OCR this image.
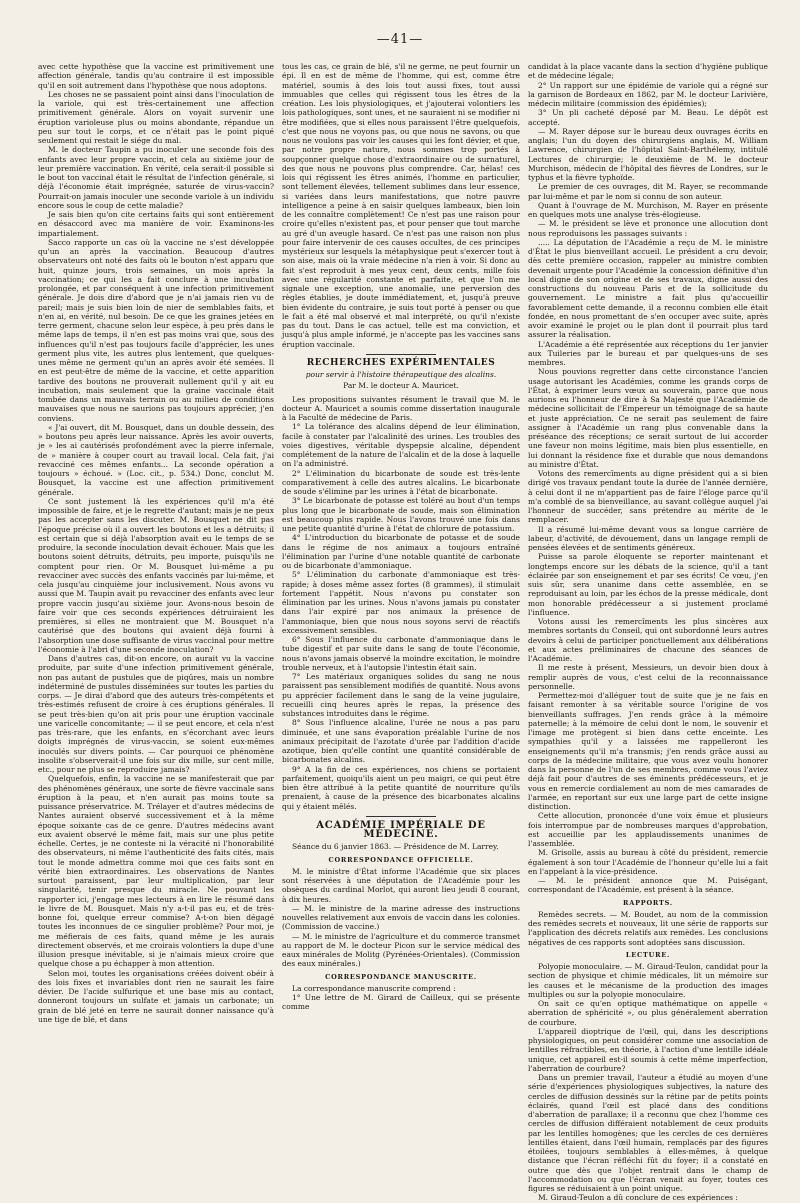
—41—

avec cette hypothèse que la vaccine est primitivement une affection générale, tandis qu'au contraire il est impossible qu'il en soit autrement dans l'hypothèse que nous adoptons.

Les choses ne se passaient point ainsi dans l'inoculation de la variole, qui est très-certainement une affection primitivement générale. Alors on voyait survenir une éruption varioleuse plus ou moins abondante, répandue un peu sur tout le corps, et ce n'était pas le point piqué seulement qui restait le siége du mal.

M. le docteur Taupin a pu inoculer une seconde fois des enfants avec leur propre vaccin, et cela au sixième jour de leur première vaccination. En vérité, cela serait-il possible si le bout ton vaccinal était le résultat de l'infection générale, si déjà l'économie était imprégnée, saturée de virus-vaccin? Pourrait-on jamais inoculer une seconde variole à un individu encore sous le coup de cette maladie?

Je sais bien qu'on cite certains faits qui sont entièrement en désaccord avec ma manière de voir. Examinons-les impartialement.

Sacco rapporte un cas où la vaccine ne s'est développée qu'un an après la vaccination. Beaucoup d'autres observateurs ont noté des faits où le bouton n'est apparu que huit, quinze jours, trois semaines, un mois après la vaccination; ce qui les a fait conclure à une incubation prolongée, et par conséquent à une infection primitivement générale. Je dois dire d'abord que je n'ai jamais rien vu de pareil; mais je suis bien loin de nier de semblables faits, et n'en ai, en vérité, nul besoin. De ce que les graines jetées en terre germent, chacune selon leur espèce, à peu près dans le même laps de temps, il n'en est pas moins vrai que, sous des influences qu'il n'est pas toujours facile d'apprécier, les unes germent plus vite, les autres plus lentement, que quelques-unes même ne germent qu'un an après avoir été semées. Il en est peut-être de même de la vaccine, et cette apparition tardive des boutons ne prouverait nullement qu'il y ait eu incubation, mais seulement que la graine vaccinale était tombée dans un mauvais terrain ou au milieu de conditions mauvaises que nous ne saurions pas toujours apprécier, j'en conviens.

« J'ai ouvert, dit M. Bousquet, dans un double dessein, des » boutons peu après leur naissance. Après les avoir ouverts, je » les ai cautérisés profondément avec la pierre infernale, de » manière à couper court au travail local. Cela fait, j'ai revacciné ces mêmes enfants... La seconde opération a toujours » échoué. » (Loc. cit., p. 534.) Donc, conclut M. Bousquet, la vaccine est une affection primitivement générale.

Ce sont justement là les expériences qu'il m'a été impossible de faire, et je le regrette d'autant; mais je ne peux pas les accepter sans les discuter. M. Bousquet ne dit pas l'époque précise où il a ouvert les boutons et les a détruits; il est certain que si déjà l'absorption avait eu le temps de se produire, la seconde inoculation devait échouer. Mais que les boutons soient détruits, détruits, peu importe, puisqu'ils ne comptent pour rien. Or M. Bousquet lui-même a pu revacciner avec succès des enfants vaccinés par lui-même, et cela jusqu'au cinquième jour inclusivement. Nous avons vu aussi que M. Taupin avait pu revacciner des enfants avec leur propre vaccin jusqu'au sixième jour. Avons-nous besoin de faire voir que ces seconds expériences détruiraient les premières, si elles ne montraient que M. Bousquet n'a cautérisé que des boutons qui avaient déjà fourni à l'absorption une dose suffisante de virus vaccinal pour mettre l'économie à l'abri d'une seconde inoculation?

Dans d'autres cas, dit-on encore, on aurait vu la vaccine produite, par suite d'une infection primitivement générale, non pas autant de pustules que de piqûres, mais un nombre indéterminé de pustules disséminées sur toutes les parties du corps. — Je dirai d'abord que des auteurs très-compétents et très-estimés refusent de croire à ces éruptions générales. Il se peut très-bien qu'on ait pris pour une éruption vaccinale une varicelle concomitante; — il se peut encore, et cela n'est pas très-rare, que les enfants, en s'écorchant avec leurs doigts imprégnés de virus-vaccin, se soient eux-mêmes inoculés sur divers points. — Car pourquoi ce phénomène insolite s'observerait-il une fois sur dix mille, sur cent mille, etc., pour ne plus se reproduire jamais?

Quelquefois, enfin, la vaccine ne se manifesterait que par des phénomènes généraux, une sorte de fièvre vaccinale sans éruption à la peau, et n'en aurait pas moins toute sa puissance préservatrice. M. Trélayer et d'autres médecins de Nantes auraient observé successivement et à la même époque soixante cas de ce genre. D'autres médecins avant eux avaient observé le même fait, mais sur une plus petite échelle. Certes, je ne conteste ni la véracité ni l'honorabilité des observateurs, ni même l'authenticité des faits cités, mais tout le monde admettra comme moi que ces faits sont en vérité bien extraordinaires. Les observations de Nantes surtout paraissent, par leur multiplication, par leur singularité, tenir presque du miracle. Ne pouvant les rapporter ici, j'engage mes lecteurs à en lire le résumé dans le livre de M. Bousquet. Mais n'y a-t-il pas eu, et de très-bonne foi, quelque erreur commise? A-t-on bien dégagé toutes les inconnues de ce singulier problème? Pour moi, je me méfierais de ces faits, quand même je les aurais directement observés, et me croirais volontiers la dupe d'une illusion presque inévitable, si je n'aimais mieux croire que quelque chose a pu échapper à mon attention.

Selon moi, toutes les organisations créées doivent obéir à des lois fixes et invariables dont rien ne saurait les faire dévier. De l'acide sulfurique et une base mis au contact, donneront toujours un sulfate et jamais un carbonate; un grain de blé jeté en terre ne saurait donner naissance qu'à une tige de blé, et dans

tous les cas, ce grain de blé, s'il ne germe, ne peut fournir un épi. Il en est de même de l'homme, qui est, comme être matériel, soumis à des lois tout aussi fixes, tout aussi immuables que celles qui régissent tous les êtres de la création. Les lois physiologiques, et j'ajouterai volontiers les lois pathologiques, sont unes, et ne sauraient ni se modifier ni être modifiées, que si elles nous paraissent l'être quelquefois, c'est que nous ne voyons pas, ou que nous ne savons, ou que nous ne voulons pas voir les causes qui les font dévier, et que, par notre propre nature, nous sommes trop portés à soupçonner quelque chose d'extraordinaire ou de surnaturel, des que nous ne pouvons plus comprendre. Car, hélas! ces lois qui régissent les êtres animés, l'homme en particulier, sont tellement élevées, tellement sublimes dans leur essence, si variées dans leurs manifestations, que notre pauvre intelligence a peine à en saisir quelques lambeaux, bien loin de les connaître complètement! Ce n'est pas une raison pour croire qu'elles n'existent pas, et pour penser que tout marche au gré d'un aveugle hasard. Ce n'est pas une raison non plus pour faire intervenir de ces causes occultes, de ces principes mystérieux sur lesquels la métaphysique peut s'exercer tout à son aise, mais où la vraie médecine n'a rien à voir. Si donc au fait s'est reproduit à mes yeux cent, deux cents, mille fois avec une régularité constante et parfaite, et que l'on me signale une exception, une anomalie, une perversion des règles établies, je doute immédiatement, et, jusqu'à preuve bien évidente du contraire, je suis tout porté à penser ou que le fait a été mal observé et mal interprété, ou qu'il n'existe pas du tout. Dans le cas actuel, telle est ma conviction, et jusqu'à plus ample informé, je n'accepte pas les vaccines sans éruption vaccinale.

RECHERCHES EXPÉRIMENTALES
pour servir à l'histoire thérapeutique des alcalins.
Par M. le docteur A. Mauricet.

Les propositions suivantes résument le travail que M. le docteur A. Mauricet a soumis comme dissertation inaugurale à la Faculté de médecine de Paris.

1° La tolérance des alcalins dépend de leur élimination, facile à constater par l'alcalinité des urines. Les troubles des voies digestives, véritable dyspepsie alcaline, dépendent complétement de la nature de l'alcalin et de la dose à laquelle on l'a administré.

2° L'élimination du bicarbonate de soude est très-lente comparativement à celle des autres alcalins. Le bicarbonate de soude s'élimine par les urines à l'état de bicarbonate.

3° Le bicarbonate de potasse est toléré au bout d'un temps plus long que le bicarbonate de soude, mais son élimination est beaucoup plus rapide. Nous l'avons trouvé une fois dans une petite quantité d'urine à l'état de chlorure de potassium.

4° L'introduction du bicarbonate de potasse et de soude dans le régime de nos animaux a toujours entraîné l'élimination par l'urine d'une notable quantité de carbonate ou de bicarbonate d'ammoniaque.

5° L'élimination du carbonate d'ammoniaque est très-rapide; à doses même assez fortes (8 grammes), il stimulait fortement l'appétit. Nous n'avons pu constater son élimination par les urines. Nous n'avons jamais pu constater dans l'air expiré par nos animaux la présence de l'ammoniaque, bien que nous nous soyons servi de réactifs excessivement sensibles.

6° Sous l'influence du carbonate d'ammoniaque dans le tube digestif et par suite dans le sang de toute l'économie, nous n'avons jamais observé la moindre excitation, le moindre trouble nerveux, et à l'autopsie l'intestin était sain.

7° Les matériaux organiques solides du sang ne nous paraissent pas sensiblement modifiés de quantité. Nous avons pu apprécier facilement dans le sang de la veine jugulaire, recueilli cinq heures après le repas, la présence des substances introduites dans le régime.

8° Sous l'influence alcaline, l'urée ne nous a pas paru diminuée, et une sans évaporation préalable l'urine de nos animaux précipitait de l'azotate d'urée par l'addition d'acide azotique, bien qu'elle contînt une quantité considérable de bicarbonates alcalins.

9° A la fin de ces expériences, nos chiens se portaient parfaitement, quoiqu'ils aient un peu maigri, ce qui peut être bien être attribué à la petite quantité de nourriture qu'ils prenaient, à cause de la présence des bicarbonates alcalins qui y étaient mêlés.

ACADÉMIE IMPÉRIALE DE MÉDECINE.

Séance du 6 janvier 1863. — Présidence de M. Larrey.

CORRESPONDANCE OFFICIELLE.

M. le ministre d'État informe l'Académie que six places sont réservées à une députation de l'Académie pour les obsèques du cardinal Morlot, qui auront lieu jeudi 8 courant, à dix heures.

— M. le ministre de la marine adresse des instructions nouvelles relativement aux envois de vaccin dans les colonies. (Commission de vaccine.)

— M. le ministre de l'agriculture et du commerce transmet au rapport de M. le docteur Picon sur le service médical des eaux minérales de Molitg (Pyrénées-Orientales). (Commission des eaux minérales.)

CORRESPONDANCE MANUSCRITE.

La correspondance manuscrite comprend :

1° Une lettre de M. Girard de Cailleux, qui se présente comme

candidat à la place vacante dans la section d'hygiène publique et de médecine légale;

2° Un rapport sur une épidémie de variole qui a régné sur la garnison de Bordeaux en 1862, par M. le docteur Larivière, médecin militaire (commission des épidémies);

3° Un pli cacheté déposé par M. Beau. Le dépôt est accepté.

— M. Rayer dépose sur le bureau deux ouvrages écrits en anglais; l'un du doyen des chirurgiens anglais, M. William Lawrence, chirurgien de l'hôpital Saint-Barthélemy, intitulé Lectures de chirurgie; le deuxième de M. le docteur Murchison, médecin de l'hôpital des fièvres de Londres, sur le typhus et la fièvre typhoïde.

Le premier de ces ouvrages, dit M. Rayer, se recommande par lui-même et par le nom si connu de son auteur.

Quant à l'ouvrage de M. Murchison, M. Rayer en présente en quelques mots une analyse très-élogieuse.

— M. le président se lève et prononce une allocution dont nous reproduisons les passages suivants :

..... La députation de l'Académie a reçu de M. le ministre d'État le plus bienveillant accueil. Le président a cru devoir, dès cette première occasion, rappeler au ministre combien devenait urgente pour l'Académie la concession définitive d'un local digne de son origine et de ses travaux, digne aussi des constructions du nouveau Paris et de la sollicitude du gouvernement. Le ministre a fait plus qu'accueillir favorablement cette demande, il a reconnu combien elle était fondée, en nous promettant de s'en occuper avec suite, après avoir examiné le projet ou le plan dont il pourrait plus tard assurer la réalisation.

L'Académie a été représentée aux réceptions du 1er janvier aux Tuileries par le bureau et par quelques-uns de ses membres.

Nous pouvions regretter dans cette circonstance l'ancien usage autorisant les Académies, comme les grands corps de l'État, à exprimer leurs vœux au souverain, parce que nous aurions eu l'honneur de dire à Sa Majesté que l'Académie de médecine sollicitait de l'Empereur un témoignage de sa haute et juste appréciation. Ce ne serait pas seulement de faire assigner à l'Académie un rang plus convenable dans la préséance des réceptions; ce serait surtout de lui accorder une faveur non moins légitime, mais bien plus essentielle, en lui donnant la résidence fixe et durable que nous demandons au ministre d'État.

Votons des remercîments au digne président qui a si bien dirigé vos travaux pendant toute la durée de l'année dernière, à celui dont il ne m'appartient pas de faire l'éloge parce qu'il m'a comblé de sa bienveillance, au savant collègue auquel j'ai l'honneur de succéder, sans prétendre au mérite de le remplacer.

Il a résumé lui-même devant vous sa longue carrière de labeur, d'activité, de dévouement, dans un langage rempli de pensées élevées et de sentiments généreux.

Puisse sa parole éloquente se reporter maintenant et longtemps encore sur les débats de la science, qu'il a tant éclairée par son enseignement et par ses écrits! Ce vœu, j'en suis sûr, sera unanime dans cette assemblée, en se reproduisant au loin, par les échos de la presse médicale, dont mon honorable prédécesseur a si justement proclamé l'influence.

Votons aussi les remercîments les plus sincères aux membres sortants du Conseil, qui ont subordonné leurs autres devoirs à celui de participer ponctuellement aux délibérations et aux actes préliminaires de chacune des séances de l'Académie.

Il me reste à présent, Messieurs, un devoir bien doux à remplir auprès de vous, c'est celui de la reconnaissance personnelle.

Permettez-moi d'alléguer tout de suite que je ne fais en faisant remonter à sa véritable source l'origine de vos bienveillants suffrages. J'en rends grâce à la mémoire paternelle; à la mémoire de celui dont le nom, le souvenir et l'image me protègent si bien dans cette enceinte. Les sympathies qu'il y a laissées me rappelleront les enseignements qu'il m'a transmis; j'en rends grâce aussi au corps de la médecine militaire, que vous avez voulu honorer dans la personne de l'un de ses membres, comme vous l'aviez déjà fait pour d'autres de ses éminents prédécesseurs, et je vous en remercie cordialement au nom de mes camarades de l'armée, en reportant sur eux une large part de cette insigne distinction.

Cette allocution, prononcée d'une voix émue et plusieurs fois interrompue par de nombreuses marques d'approbation, est accueillie par les applaudissements unanimes de l'assemblée.

M. Grisolle, assis au bureau à côté du président, remercie également à son tour l'Académie de l'honneur qu'elle lui a fait en l'appelant à la vice-présidence.

— M. le président annonce que M. Puiségant, correspondant de l'Académie, est présent à la séance.

RAPPORTS.

Remèdes secrets. — M. Boudet, au nom de la commission des remèdes secrets et nouveaux, lit une série de rapports sur l'application des décrets relatifs aux remèdes. Les conclusions négatives de ces rapports sont adoptées sans discussion.

LECTURE.

Polyopie monoculaire. — M. Giraud-Teulon, candidat pour la section de physique et chimie médicales, lit un mémoire sur les causes et le mécanisme de la production des images multiples ou sur la polyopie monoculaire.

On sait ce qu'en optique mathématique on appelle « aberration de sphéricité », ou plus généralement aberration de courbure.

L'appareil dioptrique de l'œil, qui, dans les descriptions physiologiques, on peut considérer comme une association de lentilles réfractibles, en théorie, à l'action d'une lentille idéale unique, cet appareil est-il soumis à cette même imperfection, l'aberration de courbure?

Dans un premier travail, l'auteur a étudié au moyen d'une série d'expériences physiologiques subjectives, la nature des cercles de diffusion dessinés sur la rétine par de petits points éclairés, quand l'œil est placé dans des conditions d'aberration de parallaxe; il a reconnu que chez l'homme ces cercles de diffusion différaient notablement de ceux produits par les lentilles homogènes; que les cercles de ces dernières lentilles étaient, dans l'œil humain, remplacés par des figures étoilées, toujours semblables à elles-mêmes, à quelque distance que l'écran réfléchi fût du foyer; il a constaté en outre que dès que l'objet rentrait dans le champ de l'accommodation ou que l'écran venait au foyer, toutes ces figures se réduisaient à un point unique.

M. Giraud-Teulon a dû conclure de ces expériences :
